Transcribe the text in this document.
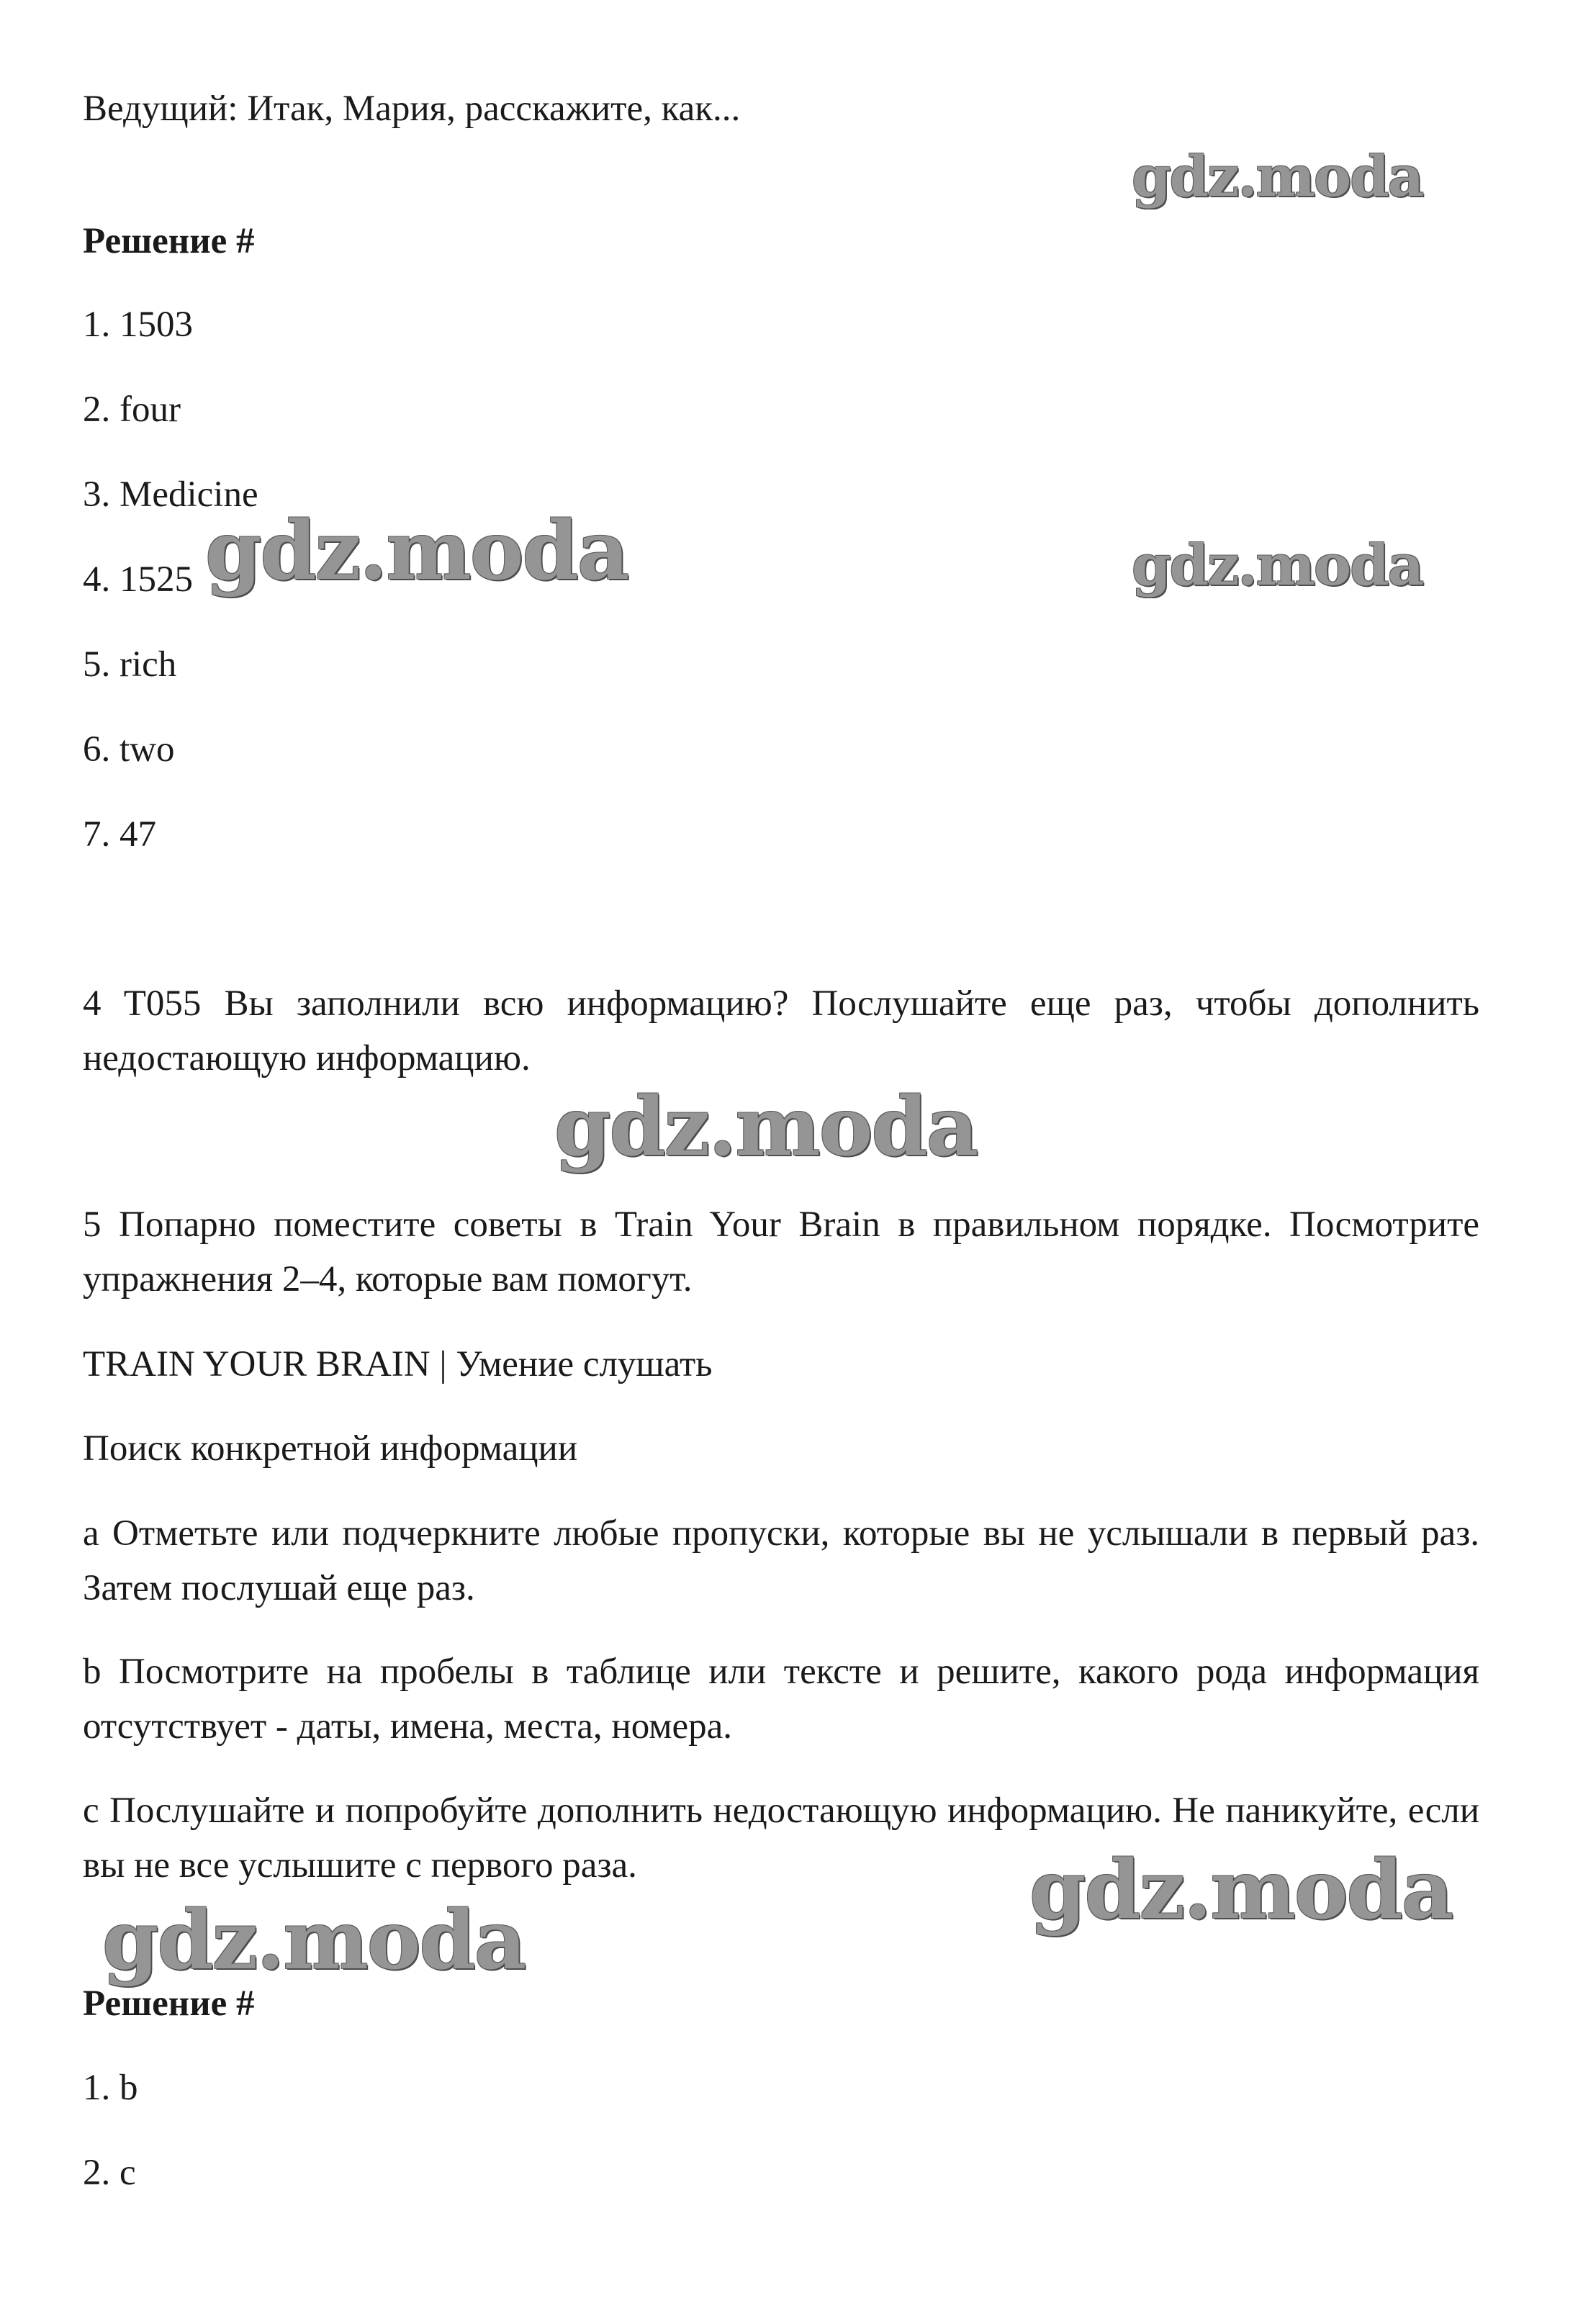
Ведущий: Итак, Мария, расскажите, как...
Решение #
1. 1503
2. four
3. Medicine
4. 1525
5. rich
6. two
7. 47
4 T055 Вы заполнили всю информацию? Послушайте еще раз, чтобы дополнить недостающую информацию.
5 Попарно поместите советы в Train Your Brain в правильном порядке. Посмотрите упражнения 2–4, которые вам помогут.
TRAIN YOUR BRAIN | Умение слушать
Поиск конкретной информации
a Отметьте или подчеркните любые пропуски, которые вы не услышали в первый раз. Затем послушай еще раз.
b Посмотрите на пробелы в таблице или тексте и решите, какого рода информация отсутствует - даты, имена, места, номера.
c Послушайте и попробуйте дополнить недостающую информацию. Не паникуйте, если вы не все услышите с первого раза.
Решение #
1. b
2. c
gdz.moda
gdz.moda	gdz.moda
gdz.moda
gdz.moda
gdz.moda
